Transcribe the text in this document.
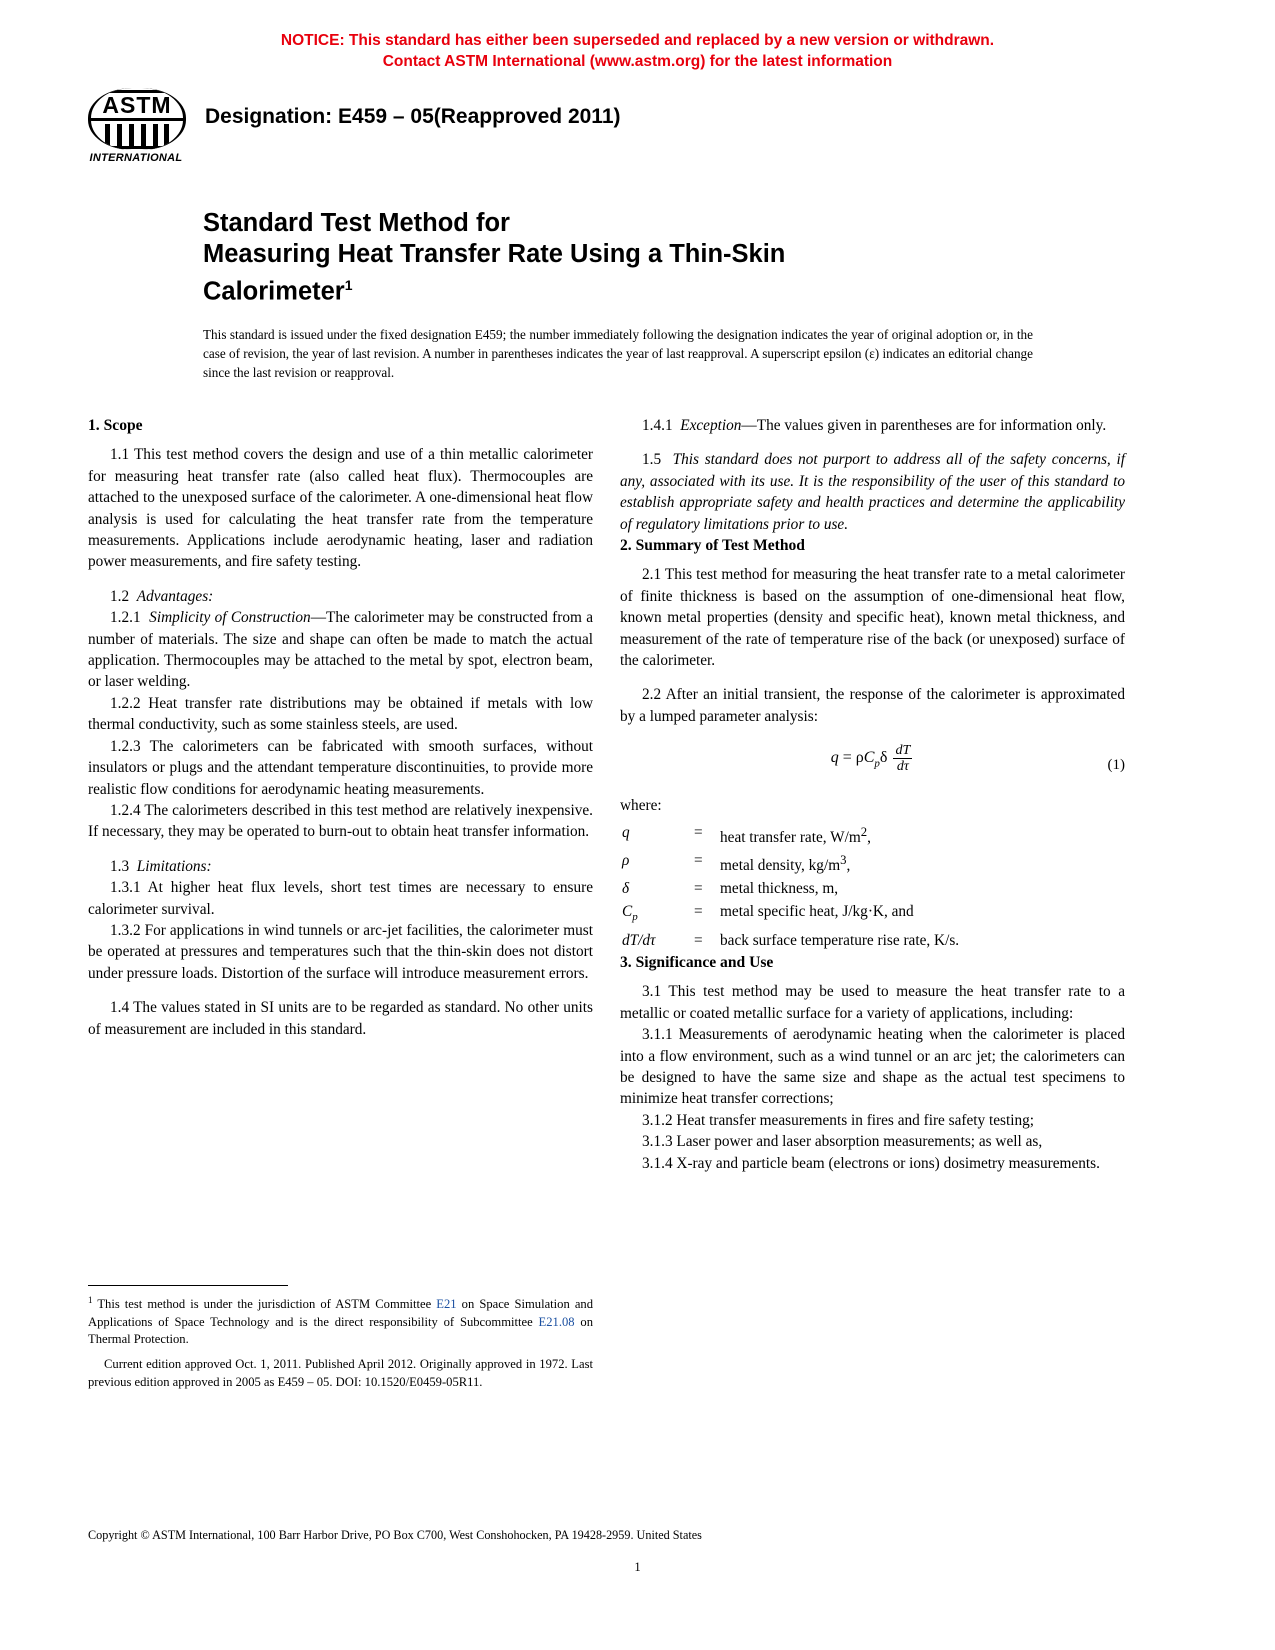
NOTICE: This standard has either been superseded and replaced by a new version or withdrawn.
Contact ASTM International (www.astm.org) for the latest information
ASTM
INTERNATIONAL
Designation: E459 – 05(Reapproved 2011)
Standard Test Method for
Measuring Heat Transfer Rate Using a Thin-Skin
Calorimeter$^1$
This standard is issued under the fixed designation E459; the number immediately following the designation indicates the year of original adoption or, in the case of revision, the year of last revision. A number in parentheses indicates the year of last reapproval. A superscript epsilon (ε) indicates an editorial change since the last revision or reapproval.
1. Scope

1.1 This test method covers the design and use of a thin metallic calorimeter for measuring heat transfer rate (also called heat flux). Thermocouples are attached to the unexposed surface of the calorimeter. A one-dimensional heat flow analysis is used for calculating the heat transfer rate from the temperature measurements. Applications include aerodynamic heating, laser and radiation power measurements, and fire safety testing.

1.2 Advantages:

1.2.1 Simplicity of Construction—The calorimeter may be constructed from a number of materials. The size and shape can often be made to match the actual application. Thermocouples may be attached to the metal by spot, electron beam, or laser welding.

1.2.2 Heat transfer rate distributions may be obtained if metals with low thermal conductivity, such as some stainless steels, are used.

1.2.3 The calorimeters can be fabricated with smooth surfaces, without insulators or plugs and the attendant temperature discontinuities, to provide more realistic flow conditions for aerodynamic heating measurements.

1.2.4 The calorimeters described in this test method are relatively inexpensive. If necessary, they may be operated to burn-out to obtain heat transfer information.

1.3 Limitations:

1.3.1 At higher heat flux levels, short test times are necessary to ensure calorimeter survival.

1.3.2 For applications in wind tunnels or arc-jet facilities, the calorimeter must be operated at pressures and temperatures such that the thin-skin does not distort under pressure loads. Distortion of the surface will introduce measurement errors.

1.4 The values stated in SI units are to be regarded as standard. No other units of measurement are included in this standard.

1.4.1 Exception—The values given in parentheses are for information only.

1.5 This standard does not purport to address all of the safety concerns, if any, associated with its use. It is the responsibility of the user of this standard to establish appropriate safety and health practices and determine the applicability of regulatory limitations prior to use.

2. Summary of Test Method

2.1 This test method for measuring the heat transfer rate to a metal calorimeter of finite thickness is based on the assumption of one-dimensional heat flow, known metal properties (density and specific heat), known metal thickness, and measurement of the rate of temperature rise of the back (or unexposed) surface of the calorimeter.

2.2 After an initial transient, the response of the calorimeter is approximated by a lumped parameter analysis:

$q = \rho C_p\delta \frac{dT}{d\tau}$	(1)
where:
q	=	heat transfer rate, $W/m^2$,
ρ	=	metal density, $kg/m^3$,
δ	=	metal thickness, m,
$C_p$	=	metal specific heat, J/kg·K, and
dT/dτ	=	back surface temperature rise rate, K/s.
3. Significance and Use

3.1 This test method may be used to measure the heat transfer rate to a metallic or coated metallic surface for a variety of applications, including:

3.1.1 Measurements of aerodynamic heating when the calorimeter is placed into a flow environment, such as a wind tunnel or an arc jet; the calorimeters can be designed to have the same size and shape as the actual test specimens to minimize heat transfer corrections;

3.1.2 Heat transfer measurements in fires and fire safety testing;

3.1.3 Laser power and laser absorption measurements; as well as,

3.1.4 X-ray and particle beam (electrons or ions) dosimetry measurements.

$^1$ This test method is under the jurisdiction of ASTM Committee E21 on Space Simulation and Applications of Space Technology and is the direct responsibility of Subcommittee E21.08 on Thermal Protection.

Current edition approved Oct. 1, 2011. Published April 2012. Originally approved in 1972. Last previous edition approved in 2005 as E459 – 05. DOI: 10.1520/E0459-05R11.

Copyright © ASTM International, 100 Barr Harbor Drive, PO Box C700, West Conshohocken, PA 19428-2959. United States
1
